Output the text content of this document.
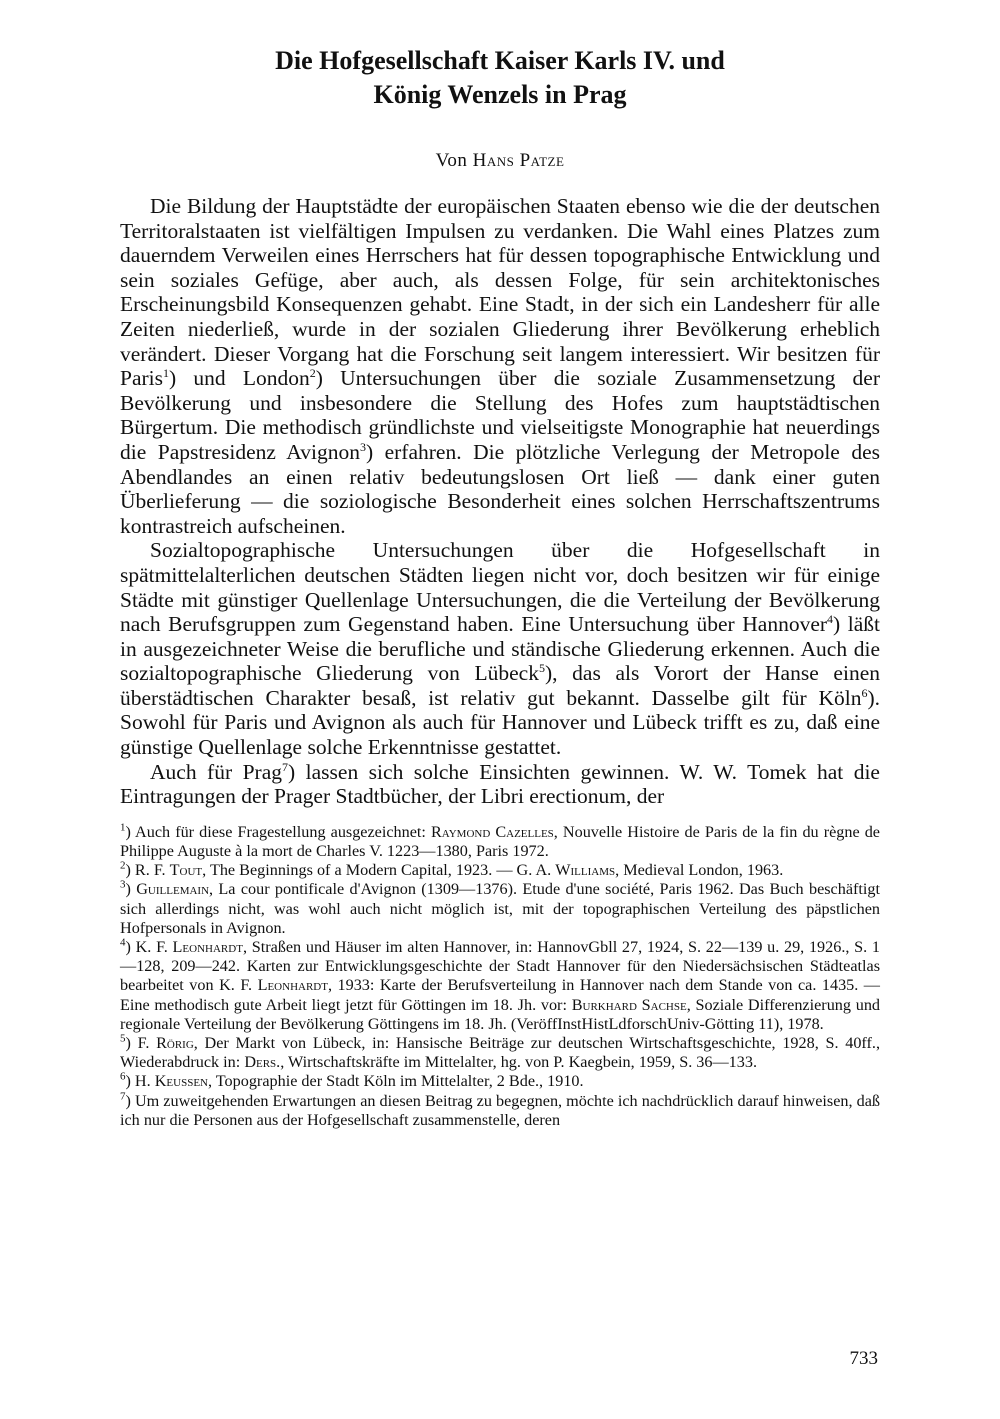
Die Hofgesellschaft Kaiser Karls IV. und
König Wenzels in Prag
Von Hans Patze

Die Bildung der Hauptstädte der europäischen Staaten ebenso wie die der deutschen Territoralstaaten ist vielfältigen Impulsen zu verdanken. Die Wahl eines Platzes zum dauerndem Verweilen eines Herrschers hat für dessen topographische Entwicklung und sein soziales Gefüge, aber auch, als dessen Folge, für sein architektonisches Erscheinungsbild Konsequenzen gehabt. Eine Stadt, in der sich ein Landesherr für alle Zeiten niederließ, wurde in der sozialen Gliederung ihrer Bevölkerung erheblich verändert. Dieser Vorgang hat die Forschung seit langem interessiert. Wir besitzen für Paris$^1$) und London$^2$) Untersuchungen über die soziale Zusammensetzung der Bevölkerung und insbesondere die Stellung des Hofes zum hauptstädtischen Bürgertum. Die methodisch gründlichste und vielseitigste Monographie hat neuerdings die Papstresidenz Avignon$^3$) erfahren. Die plötzliche Verlegung der Metropole des Abendlandes an einen relativ bedeutungslosen Ort ließ — dank einer guten Überlieferung — die soziologische Besonderheit eines solchen Herrschaftszentrums kontrastreich aufscheinen.

Sozialtopographische Untersuchungen über die Hofgesellschaft in spätmittelalterlichen deutschen Städten liegen nicht vor, doch besitzen wir für einige Städte mit günstiger Quellenlage Untersuchungen, die die Verteilung der Bevölkerung nach Berufsgruppen zum Gegenstand haben. Eine Untersuchung über Hannover$^4$) läßt in ausgezeichneter Weise die berufliche und ständische Gliederung erkennen. Auch die sozialtopographische Gliederung von Lübeck$^5$), das als Vorort der Hanse einen überstädtischen Charakter besaß, ist relativ gut bekannt. Dasselbe gilt für Köln$^6$). Sowohl für Paris und Avignon als auch für Hannover und Lübeck trifft es zu, daß eine günstige Quellenlage solche Erkenntnisse gestattet.

Auch für Prag$^7$) lassen sich solche Einsichten gewinnen. W. W. Tomek hat die Eintragungen der Prager Stadtbücher, der Libri erectionum, der

$^1$) Auch für diese Fragestellung ausgezeichnet: Raymond Cazelles, Nouvelle Histoire de Paris de la fin du règne de Philippe Auguste à la mort de Charles V. 1223—1380, Paris 1972.

$^2$) R. F. Tout, The Beginnings of a Modern Capital, 1923. — G. A. Williams, Medieval London, 1963.

$^3$) Guillemain, La cour pontificale d'Avignon (1309—1376). Etude d'une société, Paris 1962. Das Buch beschäftigt sich allerdings nicht, was wohl auch nicht möglich ist, mit der topographischen Verteilung des päpstlichen Hofpersonals in Avignon.

$^4$) K. F. Leonhardt, Straßen und Häuser im alten Hannover, in: HannovGbll 27, 1924, S. 22—139 u. 29, 1926., S. 1—128, 209—242. Karten zur Entwicklungsgeschichte der Stadt Hannover für den Niedersächsischen Städteatlas bearbeitet von K. F. Leonhardt, 1933: Karte der Berufsverteilung in Hannover nach dem Stande von ca. 1435. — Eine methodisch gute Arbeit liegt jetzt für Göttingen im 18. Jh. vor: Burkhard Sachse, Soziale Differenzierung und regionale Verteilung der Bevölkerung Göttingens im 18. Jh. (VeröffInstHistLdforschUniv-Götting 11), 1978.

$^5$) F. Rörig, Der Markt von Lübeck, in: Hansische Beiträge zur deutschen Wirtschaftsgeschichte, 1928, S. 40ff., Wiederabdruck in: Ders., Wirtschaftskräfte im Mittelalter, hg. von P. Kaegbein, 1959, S. 36—133.

$^6$) H. Keussen, Topographie der Stadt Köln im Mittelalter, 2 Bde., 1910.

$^7$) Um zuweitgehenden Erwartungen an diesen Beitrag zu begegnen, möchte ich nachdrücklich darauf hinweisen, daß ich nur die Personen aus der Hofgesellschaft zusammenstelle, deren

733
